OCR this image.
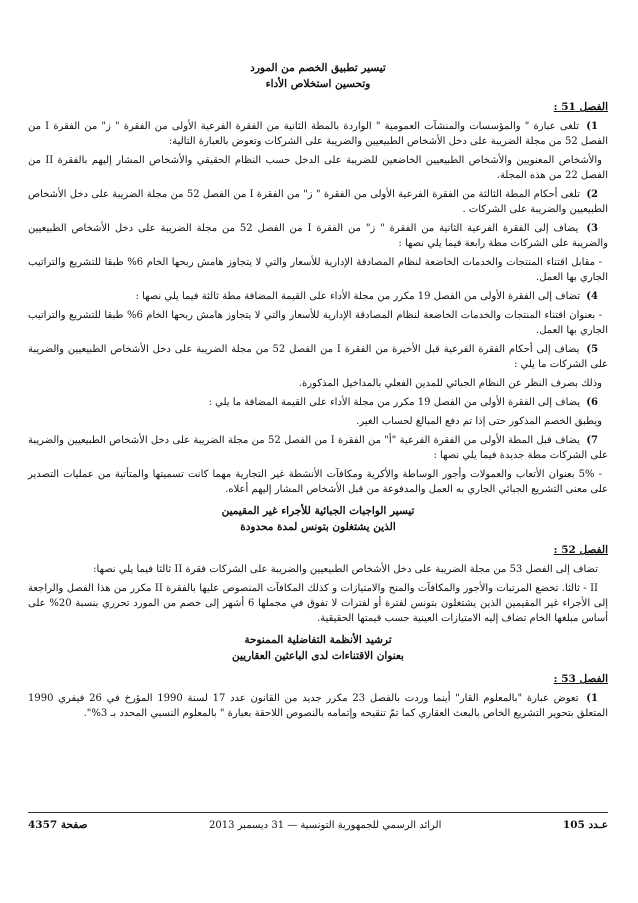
تيسير تطبيق الخصم من المورد

وتحسين استخلاص الأداء

الفصل 51 :

1) تلغى عبارة " والمؤسسات والمنشآت العمومية " الواردة بالمطة الثانية من الفقرة الفرعية الأولى من الفقرة " ز" من الفقرة I من الفصل 52 من مجلة الضريبة على دخل الأشخاص الطبيعيين والضريبة على الشركات وتعوض بالعبارة التالية:

والأشخاص المعنويين والأشخاص الطبيعيين الخاضعين للضريبة على الدخل حسب النظام الحقيقي والأشخاص المشار إليهم بالفقرة II من الفصل 22 من هذه المجلة.

2) تلغى أحكام المطة الثالثة من الفقرة الفرعية الأولى من الفقرة " ز" من الفقرة I من الفصل 52 من مجلة الضريبة على دخل الأشخاص الطبيعيين والضريبة على الشركات .

3) يضاف إلى الفقرة الفرعية الثانية من الفقرة " ز" من الفقرة I من الفصل 52 من مجلة الضريبة على دخل الأشخاص الطبيعيين والضريبة على الشركات مطة رابعة فيما يلي نصها :

- مقابل اقتناء المنتجات والخدمات الخاضعة لنظام المصادقة الإدارية للأسعار والتي لا يتجاوز هامش ربحها الخام 6% طبقا للتشريع والتراتيب الجاري بها العمل.

4) تضاف إلى الفقرة الأولى من الفصل 19 مكرر من مجلة الأداء على القيمة المضافة مطة ثالثة فيما يلي نصها :

- بعنوان اقتناء المنتجات والخدمات الخاضعة لنظام المصادقة الإدارية للأسعار والتي لا يتجاوز هامش ربحها الخام 6% طبقا للتشريع والتراتيب الجاري بها العمل.

5) يضاف إلى أحكام الفقرة الفرعية قبل الأخيرة من الفقرة I من الفصل 52 من مجلة الضريبة على دخل الأشخاص الطبيعيين والضريبة على الشركات ما يلي :

وذلك بصرف النظر عن النظام الجبائي للمدين الفعلي بالمداخيل المذكورة.

6) يضاف إلى الفقرة الأولى من الفصل 19 مكرر من مجلة الأداء على القيمة المضافة ما يلي :

ويطبق الخصم المذكور حتى إذا تم دفع المبالغ لحساب الغير.

7) يضاف قبل المطة الأولى من الفقرة الفرعية "أ" من الفقرة I من الفصل 52 من مجلة الضريبة على دخل الأشخاص الطبيعيين والضريبة على الشركات مطة جديدة فيما يلي نصها :

- 5% بعنوان الأتعاب والعمولات وأجور الوساطة والأكرية ومكافآت الأنشطة غير التجارية مهما كانت تسميتها والمتأتية من عمليات التصدير على معنى التشريع الجبائي الجاري به العمل والمدفوعة من قبل الأشخاص المشار إليهم أعلاه.

تيسير الواجبات الجبائية للأجراء غير المقيمين

الذين يشتغلون بتونس لمدة محدودة

الفصل 52 :

تضاف إلى الفصل 53 من مجلة الضريبة على دخل الأشخاص الطبيعيين والضريبة على الشركات فقرة II ثالثا فيما يلي نصها:

II - ثالثا. تخضع المرتبات والأجور والمكافآت والمنح والامتيازات و كذلك المكافآت المنصوص عليها بالفقرة II مكرر من هذا الفصل والراجعة إلى الأجراء غير المقيمين الذين يشتغلون بتونس لفترة أو لفترات لا تفوق في مجملها 6 أشهر إلى خصم من المورد تحرري بنسبة 20% على أساس مبلغها الخام تضاف إليه الامتيازات العينية حسب قيمتها الحقيقية.

ترشيد الأنظمة التفاضلية الممنوحة

بعنوان الاقتناءات لدى الباعثين العقاريين

الفصل 53 :

1) تعوض عبارة "بالمعلوم القار" أينما وردت بالفصل 23 مكرر جديد من القانون عدد 17 لسنة 1990 المؤرخ في 26 فيفري 1990 المتعلق بتحوير التشريع الخاص بالبعث العقاري كما تمّ تنقيحه وإتمامه بالنصوص اللاحقة بعبارة " بالمعلوم النسبي المحدد بـ 3%".

عـدد 105
الرائد الرسمي للجمهورية التونسية — 31 ديسمبر 2013
صفحة 4357
